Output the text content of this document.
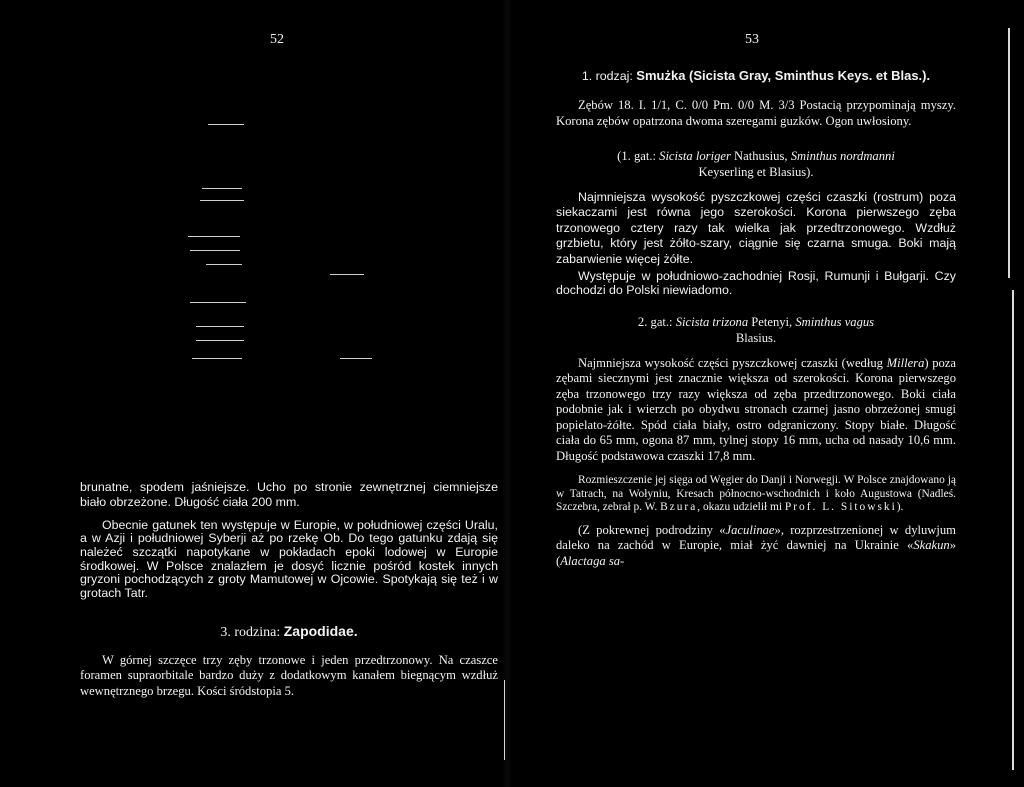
52

brunatne, spodem jaśniejsze. Ucho po stronie zewnętrznej ciemniejsze biało obrzeżone. Długość ciała 200 mm.

Obecnie gatunek ten występuje w Europie, w południowej części Uralu, a w Azji i południowej Syberji aż po rzekę Ob. Do tego gatunku zdają się należeć szczątki napotykane w pokładach epoki lodowej w Europie środkowej. W Polsce znalazłem je dosyć licznie pośród kostek innych gryzoni pochodzących z groty Mamutowej w Ojcowie. Spotykają się też i w grotach Tatr.

3. rodzina: Zapodidae.

W górnej szczęce trzy zęby trzonowe i jeden przedtrzonowy. Na czaszce foramen supraorbitale bardzo duży z dodatkowym kanałem biegnącym wzdłuż wewnętrznego brzegu. Kości śródstopia 5.

53

1. rodzaj: Smużka (Sicista Gray, Sminthus Keys. et Blas.).

Zębów 18. I. 1/1, C. 0/0 Pm. 0/0 M. 3/3 Postacią przypominają myszy. Korona zębów opatrzona dwoma szeregami guzków. Ogon uwłosiony.

(1. gat.: Sicista loriger Nathusius, Sminthus nordmanni
Keyserling et Blasius).

Najmniejsza wysokość pyszczkowej części czaszki (rostrum) poza siekaczami jest równa jego szerokości. Korona pierwszego zęba trzonowego cztery razy tak wielka jak przedtrzonowego. Wzdłuż grzbietu, który jest żółto-szary, ciągnie się czarna smuga. Boki mają zabarwienie więcej żółte.

Występuje w południowo-zachodniej Rosji, Rumunji i Bułgarji. Czy dochodzi do Polski niewiadomo.

2. gat.: Sicista trizona Petenyi, Sminthus vagus
Blasius.

Najmniejsza wysokość części pyszczkowej czaszki (według Millera) poza zębami siecznymi jest znacznie większa od szerokości. Korona pierwszego zęba trzonowego trzy razy większa od zęba przedtrzonowego. Boki ciała podobnie jak i wierzch po obydwu stronach czarnej jasno obrzeżonej smugi popielato-żółte. Spód ciała biały, ostro odgraniczony. Stopy białe. Długość ciała do 65 mm, ogona 87 mm, tylnej stopy 16 mm, ucha od nasady 10,6 mm. Długość podstawowa czaszki 17,8 mm.

Rozmieszczenie jej sięga od Węgier do Danji i Norwegji. W Polsce znajdowano ją w Tatrach, na Wołyniu, Kresach północno-wschodnich i koło Augustowa (Nadleś. Szczebra, zebrał p. W. Bzura, okazu udzielił mi Prof. L. Sitowski).

(Z pokrewnej podrodziny «Jaculinae», rozprzestrzenionej w dyluwjum daleko na zachód w Europie, miał żyć dawniej na Ukrainie «Skakun» (Alactaga sa-
